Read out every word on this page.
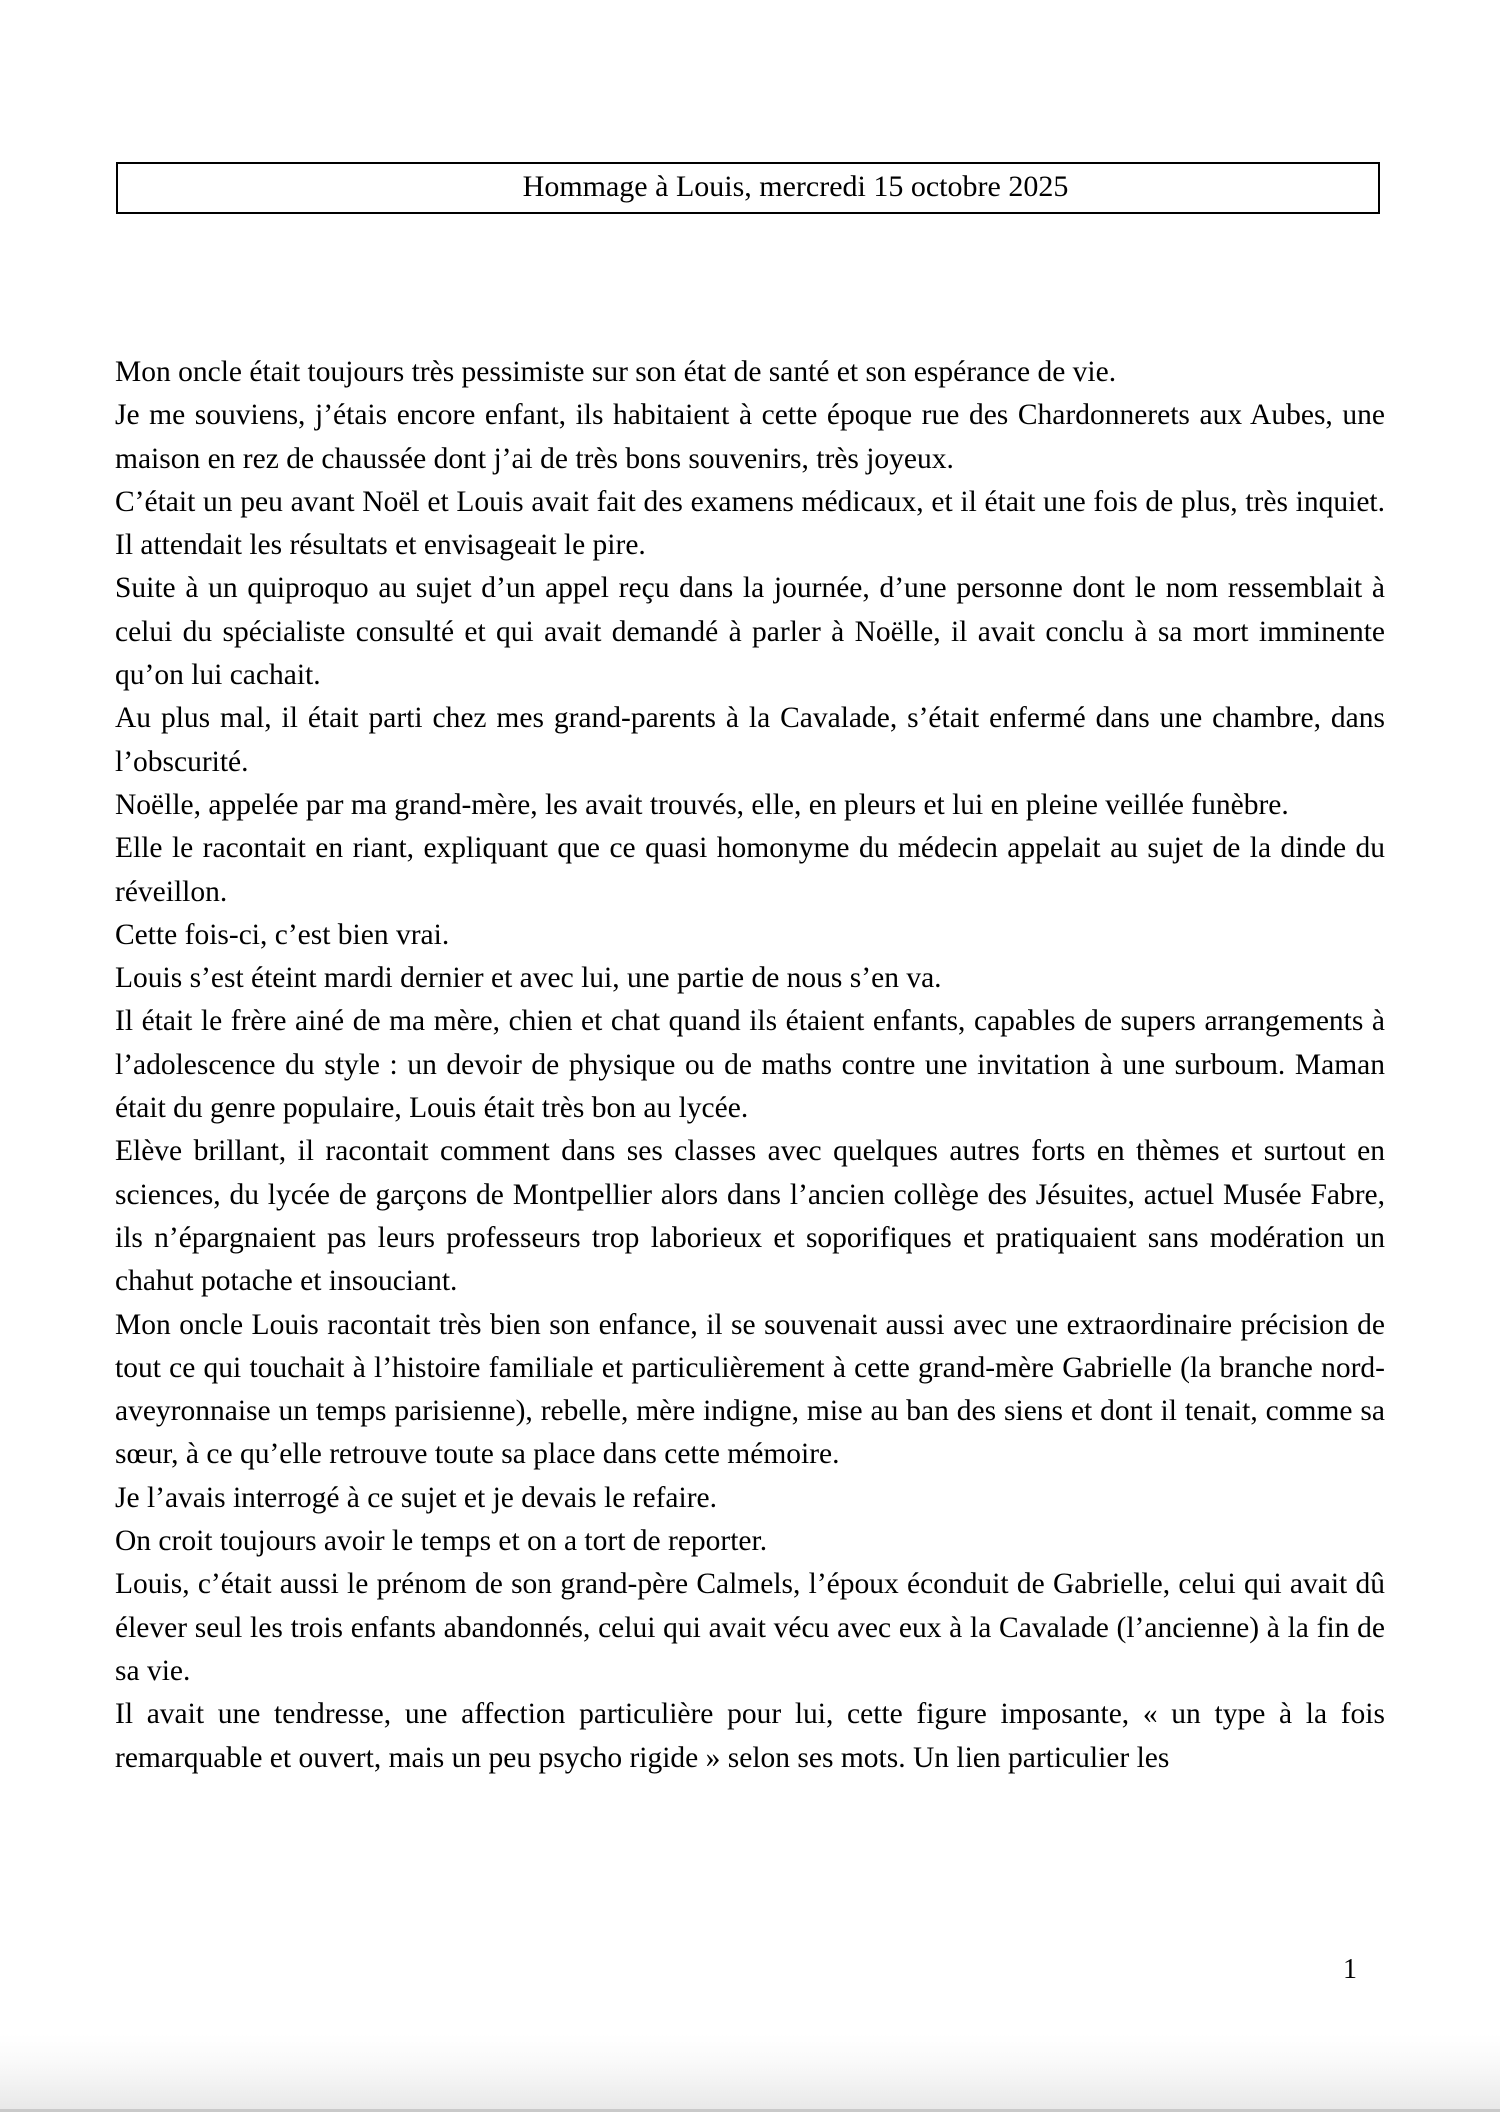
Hommage à Louis, mercredi 15 octobre 2025

Mon oncle était toujours très pessimiste sur son état de santé et son espérance de vie.

Je me souviens, j’étais encore enfant, ils habitaient à cette époque rue des Chardonnerets aux Aubes, une maison en rez de chaussée dont j’ai de très bons souvenirs, très joyeux.

C’était un peu avant Noël et Louis avait fait des examens médicaux, et il était une fois de plus, très inquiet. Il attendait les résultats et envisageait le pire.

Suite à un quiproquo au sujet d’un appel reçu dans la journée, d’une personne dont le nom ressemblait à celui du spécialiste consulté et qui avait demandé à parler à Noëlle, il avait conclu à sa mort imminente qu’on lui cachait.

Au plus mal, il était parti chez mes grand-parents à la Cavalade, s’était enfermé dans une chambre, dans l’obscurité.

Noëlle, appelée par ma grand-mère, les avait trouvés, elle, en pleurs et lui en pleine veillée funèbre.

Elle le racontait en riant, expliquant que ce quasi homonyme du médecin appelait au sujet de la dinde du réveillon.

Cette fois-ci, c’est bien vrai.

Louis s’est éteint mardi dernier et avec lui, une partie de nous s’en va.

Il était le frère ainé de ma mère, chien et chat quand ils étaient enfants, capables de supers arrangements à l’adolescence du style : un devoir de physique ou de maths contre une invitation à une surboum. Maman était du genre populaire, Louis était très bon au lycée.

Elève brillant, il racontait comment dans ses classes avec quelques autres forts en thèmes et surtout en sciences, du lycée de garçons de Montpellier alors dans l’ancien collège des Jésuites, actuel Musée Fabre, ils n’épargnaient pas leurs professeurs trop laborieux et soporifiques et pratiquaient sans modération un chahut potache et insouciant.

Mon oncle Louis racontait très bien son enfance, il se souvenait aussi avec une extraordinaire précision de tout ce qui touchait à l’histoire familiale et particulièrement à cette grand-mère Gabrielle (la branche nord-aveyronnaise un temps parisienne), rebelle, mère indigne, mise au ban des siens et dont il tenait, comme sa sœur, à ce qu’elle retrouve toute sa place dans cette mémoire.

Je l’avais interrogé à ce sujet et je devais le refaire.

On croit toujours avoir le temps et on a tort de reporter.

Louis, c’était aussi le prénom de son grand-père Calmels, l’époux éconduit de Gabrielle, celui qui avait dû élever seul les trois enfants abandonnés, celui qui avait vécu avec eux à la Cavalade (l’ancienne) à la fin de sa vie.

Il avait une tendresse, une affection particulière pour lui, cette figure imposante, « un type à la fois remarquable et ouvert, mais un peu psycho rigide » selon ses mots. Un lien particulier les

1
